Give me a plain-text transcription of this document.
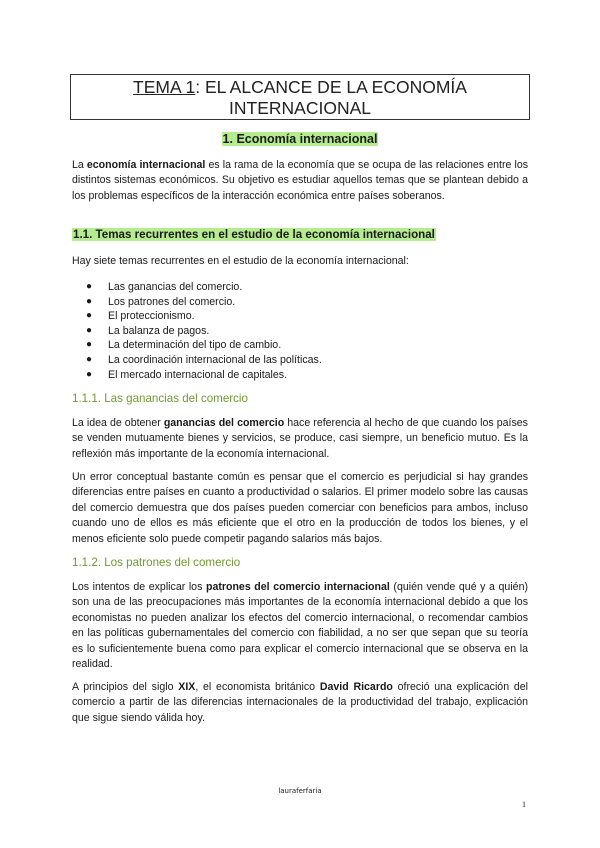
TEMA 1: EL ALCANCE DE LA ECONOMÍA
INTERNACIONAL
1. Economía internacional

La economía internacional es la rama de la economía que se ocupa de las relaciones entre los distintos sistemas económicos. Su objetivo es estudiar aquellos temas que se plantean debido a los problemas específicos de la interacción económica entre países soberanos.

1.1. Temas recurrentes en el estudio de la economía internacional

Hay siete temas recurrentes en el estudio de la economía internacional:

● Las ganancias del comercio.
● Los patrones del comercio.
● El proteccionismo.
● La balanza de pagos.
● La determinación del tipo de cambio.
● La coordinación internacional de las políticas.
● El mercado internacional de capitales.
1.1.1. Las ganancias del comercio

La idea de obtener ganancias del comercio hace referencia al hecho de que cuando los países se venden mutuamente bienes y servicios, se produce, casi siempre, un beneficio mutuo. Es la reflexión más importante de la economía internacional.

Un error conceptual bastante común es pensar que el comercio es perjudicial si hay grandes diferencias entre países en cuanto a productividad o salarios. El primer modelo sobre las causas del comercio demuestra que dos países pueden comerciar con beneficios para ambos, incluso cuando uno de ellos es más eficiente que el otro en la producción de todos los bienes, y el menos eficiente solo puede competir pagando salarios más bajos.

1.1.2. Los patrones del comercio

Los intentos de explicar los patrones del comercio internacional (quién vende qué y a quién) son una de las preocupaciones más importantes de la economía internacional debido a que los economistas no pueden analizar los efectos del comercio internacional, o recomendar cambios en las políticas gubernamentales del comercio con fiabilidad, a no ser que sepan que su teoría es lo suficientemente buena como para explicar el comercio internacional que se observa en la realidad.

A principios del siglo XIX, el economista británico David Ricardo ofreció una explicación del comercio a partir de las diferencias internacionales de la productividad del trabajo, explicación que sigue siendo válida hoy.

lauraferfaria
1
